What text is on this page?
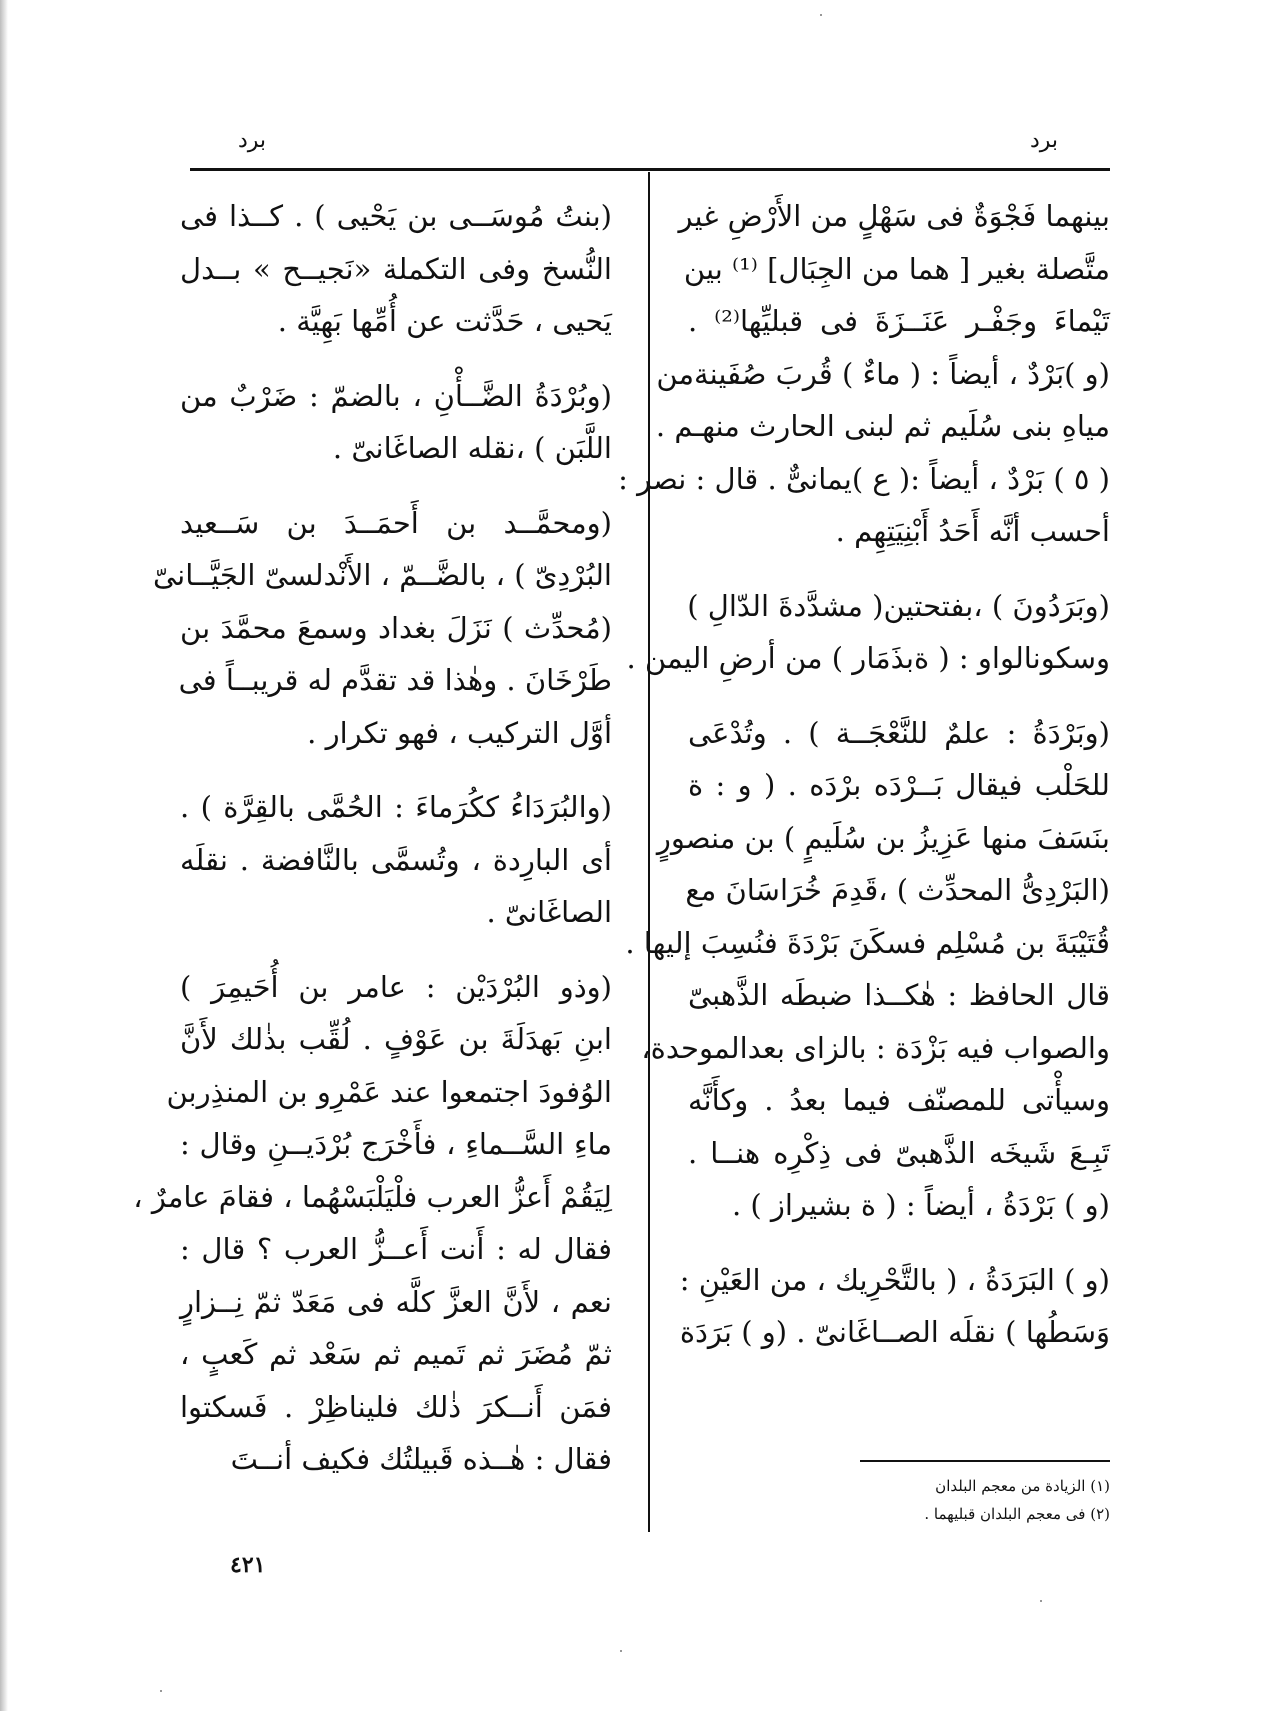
برد
برد
بينهما فَجْوَةٌ فى سَهْلٍ من الأَرْضِ غير
متَّصلة بغير [ هما من الجِبَال] ⁽¹⁾ بين
تَيْماءَ وجَفْـر عَنَــزَةَ فى قبليِّها⁽²⁾ .
(و )بَرْدٌ ، أيضاً : ( ماءٌ ) قُربَ صُفَينةمن
مياهِ بنى سُلَيم ثم لبنى الحارث منهـم .
( ٥ ) بَرْدٌ ، أيضاً :( ع )يمانىٌّ . قال : نصر :
أحسب أنَّه أَحَدُ أَبْنِيَتِهِم .
(وبَرَدُونَ ) ،بفتحتين( مشدَّدةَ الدّالِ )
وسكونالواو : ( ةبذَمَار ) من أرضِ اليمن .
(وبَرْدَةُ : علمٌ للنَّعْجَــة ) . وتُدْعَى
للحَلْب فيقال بَــرْدَه برْدَه . ( و : ة
بنَسَفَ منها عَزِيزُ بن سُلَيمٍ ) بن منصورٍ
(البَرْدِىُّ المحدِّث ) ،قَدِمَ خُرَاسَانَ مع
قُتَيْبَةَ بن مُسْلِم فسكَنَ بَرْدَةَ فنُسِبَ إليها .
قال الحافظ : هٰكــذا ضبطَه الذَّهبىّ
والصواب فيه بَزْدَة : بالزاى بعدالموحدة،
وسيأْتى للمصنّف فيما بعدُ . وكأَنَّه
تَبِـعَ شَيخَه الذَّهبىّ فى ذِكْرِه هنــا .
(و ) بَرْدَةُ ، أيضاً : ( ة بشيراز ) .
(و ) البَرَدَةُ ، ( بالتَّحْرِيك ، من العَيْنِ :
وَسَطُها ) نقلَه الصــاغَانىّ . (و ) بَرَدَة
(بنتُ مُوسَــى بن يَحْيى ) . كــذا فى
النُّسخ وفى التكملة «نَجيــح » بــدل
يَحيى ، حَدَّثت عن أُمِّها بَهِيَّة .
(وبُرْدَةُ الضَّــأْنِ ، بالضمّ : ضَرْبٌ من
اللَّبَن ) ،نقله الصاغَانىّ .
(ومحمَّــد بن أَحمَــدَ بن سَــعيد
البُرْدِىّ ) ، بالضَّــمّ ، الأَنْدلسىّ الجَيَّــانىّ
(مُحدِّث ) نَزَلَ بغداد وسمعَ محمَّدَ بن
طَرْخَانَ . وهٰذا قد تقدَّم له قريبــاً فى
أوَّل التركيب ، فهو تكرار .
(والبُرَدَاءُ ككُرَماءَ : الحُمَّى بالقِرَّة ) .
أى البارِدة ، وتُسمَّى بالنَّافضة . نقلَه
الصاغَانىّ .
(وذو البُرْدَيْن : عامر بن أُحَيمِرَ )
ابنِ بَهدَلَةَ بن عَوْفٍ . لُقِّب بذٰلك لأَنَّ
الوُفودَ اجتمعوا عند عَمْرِو بن المنذِربن
ماءِ السَّــماءِ ، فأَخْرَج بُرْدَيــنِ وقال :
لِيَقُمْ أَعزُّ العرب فلْيَلْبَسْهُما ، فقامَ عامرٌ ،
فقال له : أَنت أَعــزُّ العرب ؟ قال :
نعم ، لأَنَّ العزَّ كلَّه فى مَعَدّ ثمّ نِــزارٍ
ثمّ مُضَرَ ثم تَميم ثم سَعْد ثم كَعبٍ ،
فمَن أَنــكرَ ذٰلك فليناظِرْ . فَسكتوا
فقال : هٰــذه قَبيلتُك فكيف أنــتَ
(١) الزيادة من معجم البلدان
(٢) فى معجم البلدان قبليهما .
٤٢١
